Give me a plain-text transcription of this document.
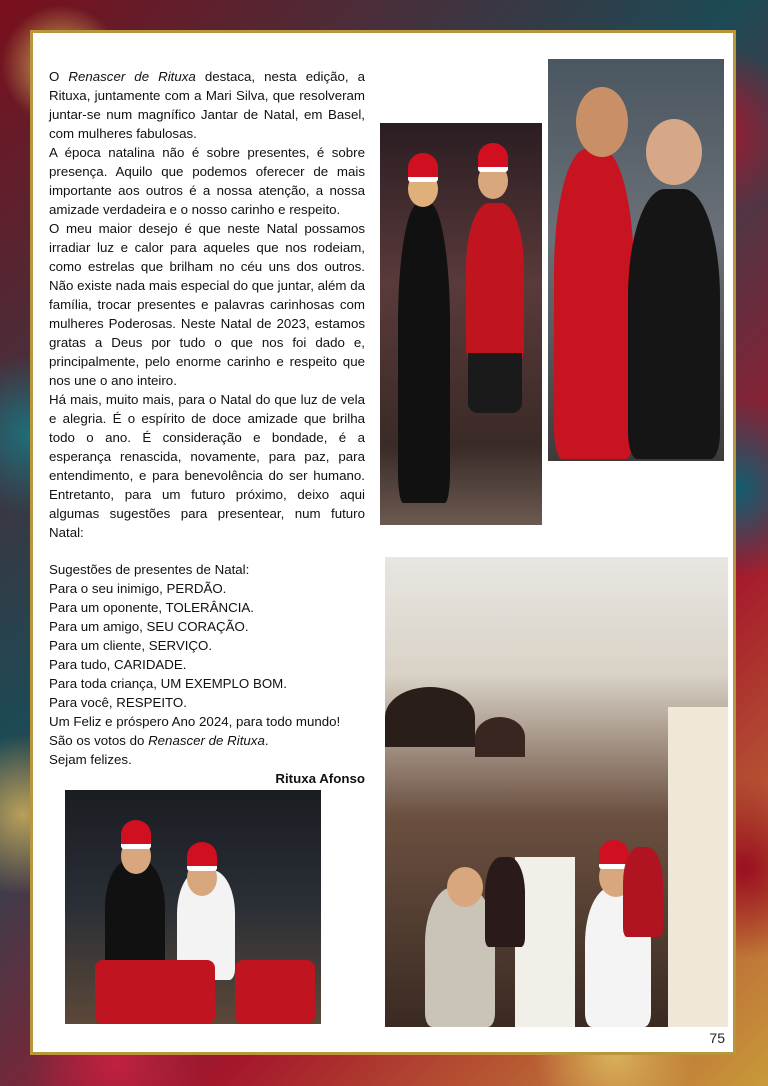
O Renascer de Rituxa destaca, nesta edição, a Rituxa, juntamente com a Mari Silva, que resolveram juntar-se num magnífico Jantar de Natal, em Basel, com mulheres fabulosas.

A época natalina não é sobre presentes, é sobre presença. Aquilo que podemos oferecer de mais importante aos outros é a nossa atenção, a nossa amizade verdadeira e o nosso carinho e respeito.

O meu maior desejo é que neste Natal possamos irradiar luz e calor para aqueles que nos rodeiam, como estrelas que brilham no céu uns dos outros. Não existe nada mais especial do que juntar, além da família, trocar presentes e palavras carinhosas com mulheres Poderosas. Neste Natal de 2023, estamos gratas a Deus por tudo o que nos foi dado e, principalmente, pelo enorme carinho e respeito que nos une o ano inteiro.

Há mais, muito mais, para o Natal do que luz de vela e alegria. É o espírito de doce amizade que brilha todo o ano. É consideração e bondade, é a esperança renascida, novamente, para paz, para entendimento, e para benevolência do ser humano. Entretanto, para um futuro próximo, deixo aqui algumas sugestões para presentear, num futuro Natal:

Sugestões de presentes de Natal:

Para o seu inimigo, PERDÃO.

Para um oponente, TOLERÂNCIA.

Para um amigo, SEU CORAÇÃO.

Para um cliente, SERVIÇO.

Para tudo, CARIDADE.

Para toda criança, UM EXEMPLO BOM.

Para você, RESPEITO.

Um Feliz e próspero Ano 2024, para todo mundo!

São os votos do Renascer de Rituxa.

Sejam felizes.

Rituxa Afonso

75
